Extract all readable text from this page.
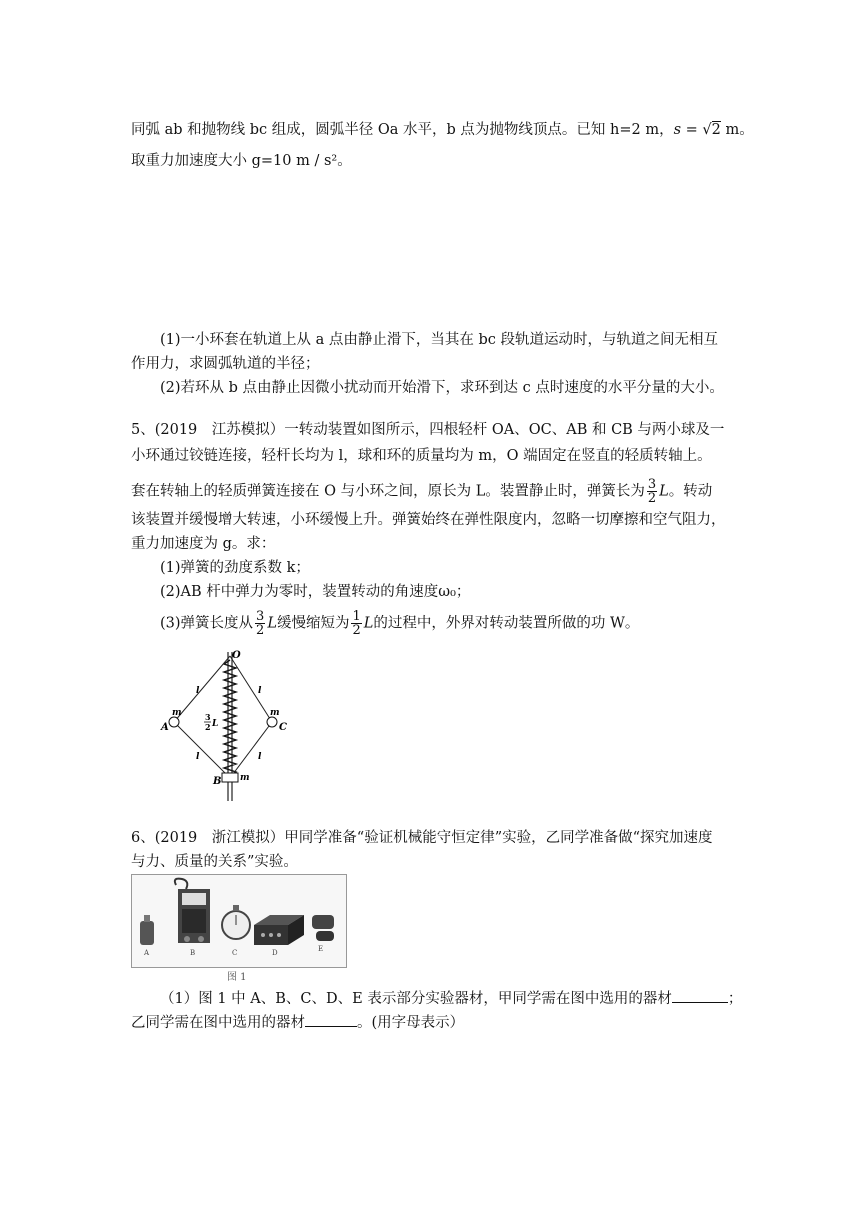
同弧 ab 和抛物线 bc 组成，圆弧半径 Oa 水平，b 点为抛物线顶点。已知 h=2 m，s = √2 m。
取重力加速度大小 g=10 m / s²。
(1)一小环套在轨道上从 a 点由静止滑下，当其在 bc 段轨道运动时，与轨道之间无相互
作用力，求圆弧轨道的半径；
(2)若环从 b 点由静止因微小扰动而开始滑下，求环到达 c 点时速度的水平分量的大小。
5、(2019　江苏模拟）一转动装置如图所示，四根轻杆 OA、OC、AB 和 CB 与两小球及一
小环通过铰链连接，轻杆长均为 l，球和环的质量均为 m，O 端固定在竖直的轻质转轴上。
套在转轴上的轻质弹簧连接在 O 与小环之间，原长为 L。装置静止时，弹簧长为 $\frac{3}{2}$ L。转动
该装置并缓慢增大转速，小环缓慢上升。弹簧始终在弹性限度内，忽略一切摩擦和空气阻力，
重力加速度为 g。求：
(1)弹簧的劲度系数 k；
(2)AB 杆中弹力为零时，装置转动的角速度ω₀；
(3)弹簧长度从 $\frac{3}{2}$ L缓慢缩短为 $\frac{1}{2}$ L的过程中，外界对转动装置所做的功 W。
O
A	C
B
m	m
m
l	l
l	l
3
2 L
6、(2019　浙江模拟）甲同学准备“验证机械能守恒定律”实验，乙同学准备做“探究加速度
与力、质量的关系”实验。
A	B	C	D	E
图 1
（1）图 1 中 A、B、C、D、E 表示部分实验器材，甲同学需在图中选用的器材	；
乙同学需在图中选用的器材	。(用字母表示）
